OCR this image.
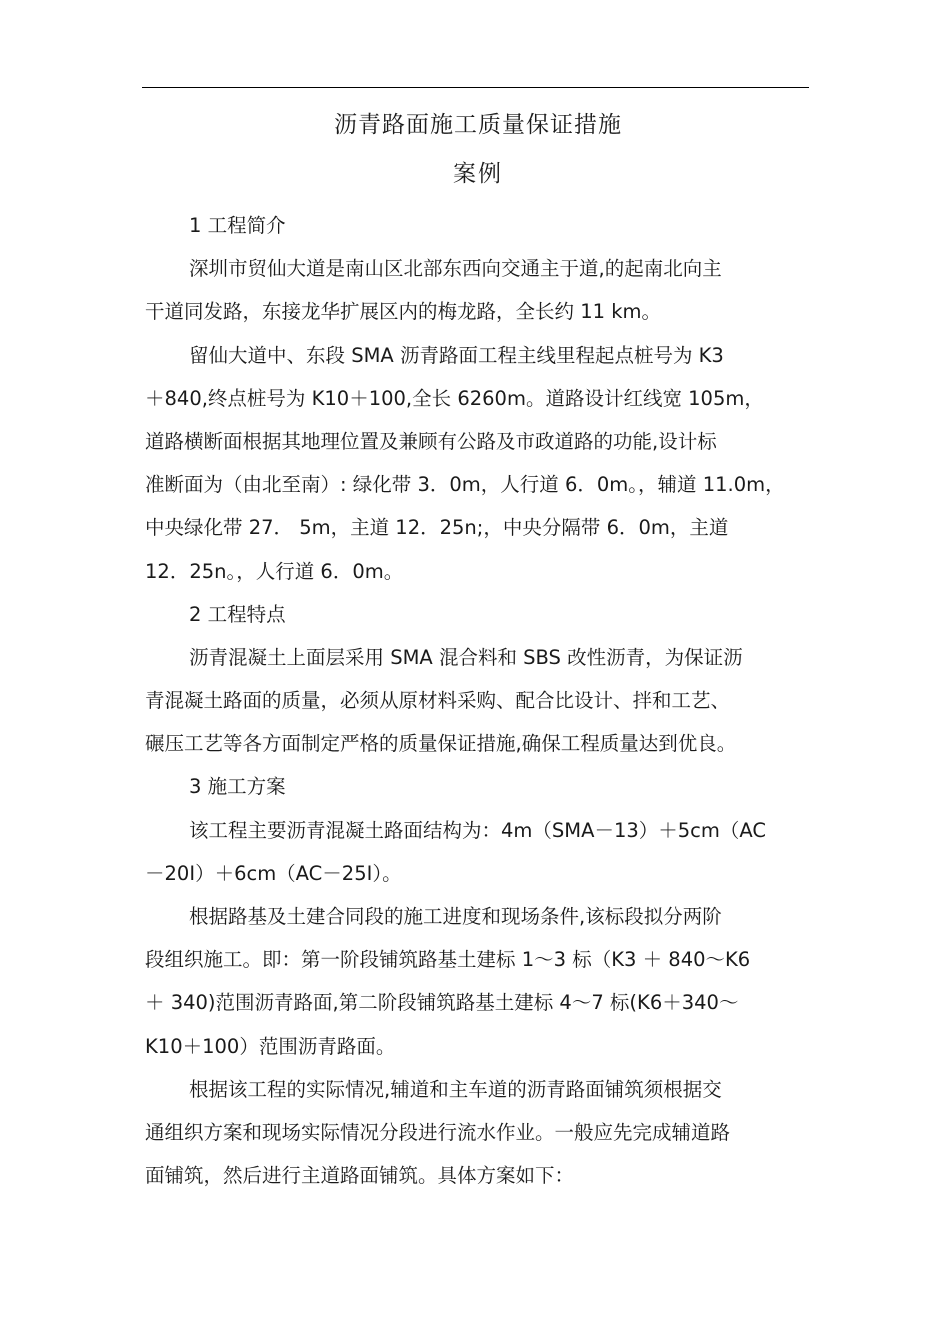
沥青路面施工质量保证措施
案例
1 工程简介
深圳市贸仙大道是南山区北部东西向交通主于道,的起南北向主
干道同发路，东接龙华扩展区内的梅龙路，全长约 11 km。
留仙大道中、东段 SMA 沥青路面工程主线里程起点桩号为 K3
＋840,终点桩号为 K10＋100,全长 6260m。道路设计红线宽 105m，
道路横断面根据其地理位置及兼顾有公路及市政道路的功能,设计标
准断面为（由北至南）: 绿化带 3．0m，人行道 6．0m。，辅道 11.0m，
中央绿化带 27． 5m，主道 12．25n;，中央分隔带 6．0m，主道
12．25n。，人行道 6．0m。
2 工程特点
沥青混凝土上面层采用 SMA 混合料和 SBS 改性沥青，为保证沥
青混凝土路面的质量，必须从原材料采购、配合比设计、拌和工艺、
碾压工艺等各方面制定严格的质量保证措施,确保工程质量达到优良。
3 施工方案
该工程主要沥青混凝土路面结构为：4m（SMA－13）＋5cm（AC
－20I）＋6cm（AC－25I）。
根据路基及土建合同段的施工进度和现场条件,该标段拟分两阶
段组织施工。即：第一阶段铺筑路基土建标 1～3 标（K3 ＋ 840～K6
＋ 340)范围沥青路面,第二阶段铺筑路基土建标 4～7 标(K6＋340～
K10＋100）范围沥青路面。
根据该工程的实际情况,辅道和主车道的沥青路面铺筑须根据交
通组织方案和现场实际情况分段进行流水作业。一般应先完成辅道路
面铺筑，然后进行主道路面铺筑。具体方案如下：
